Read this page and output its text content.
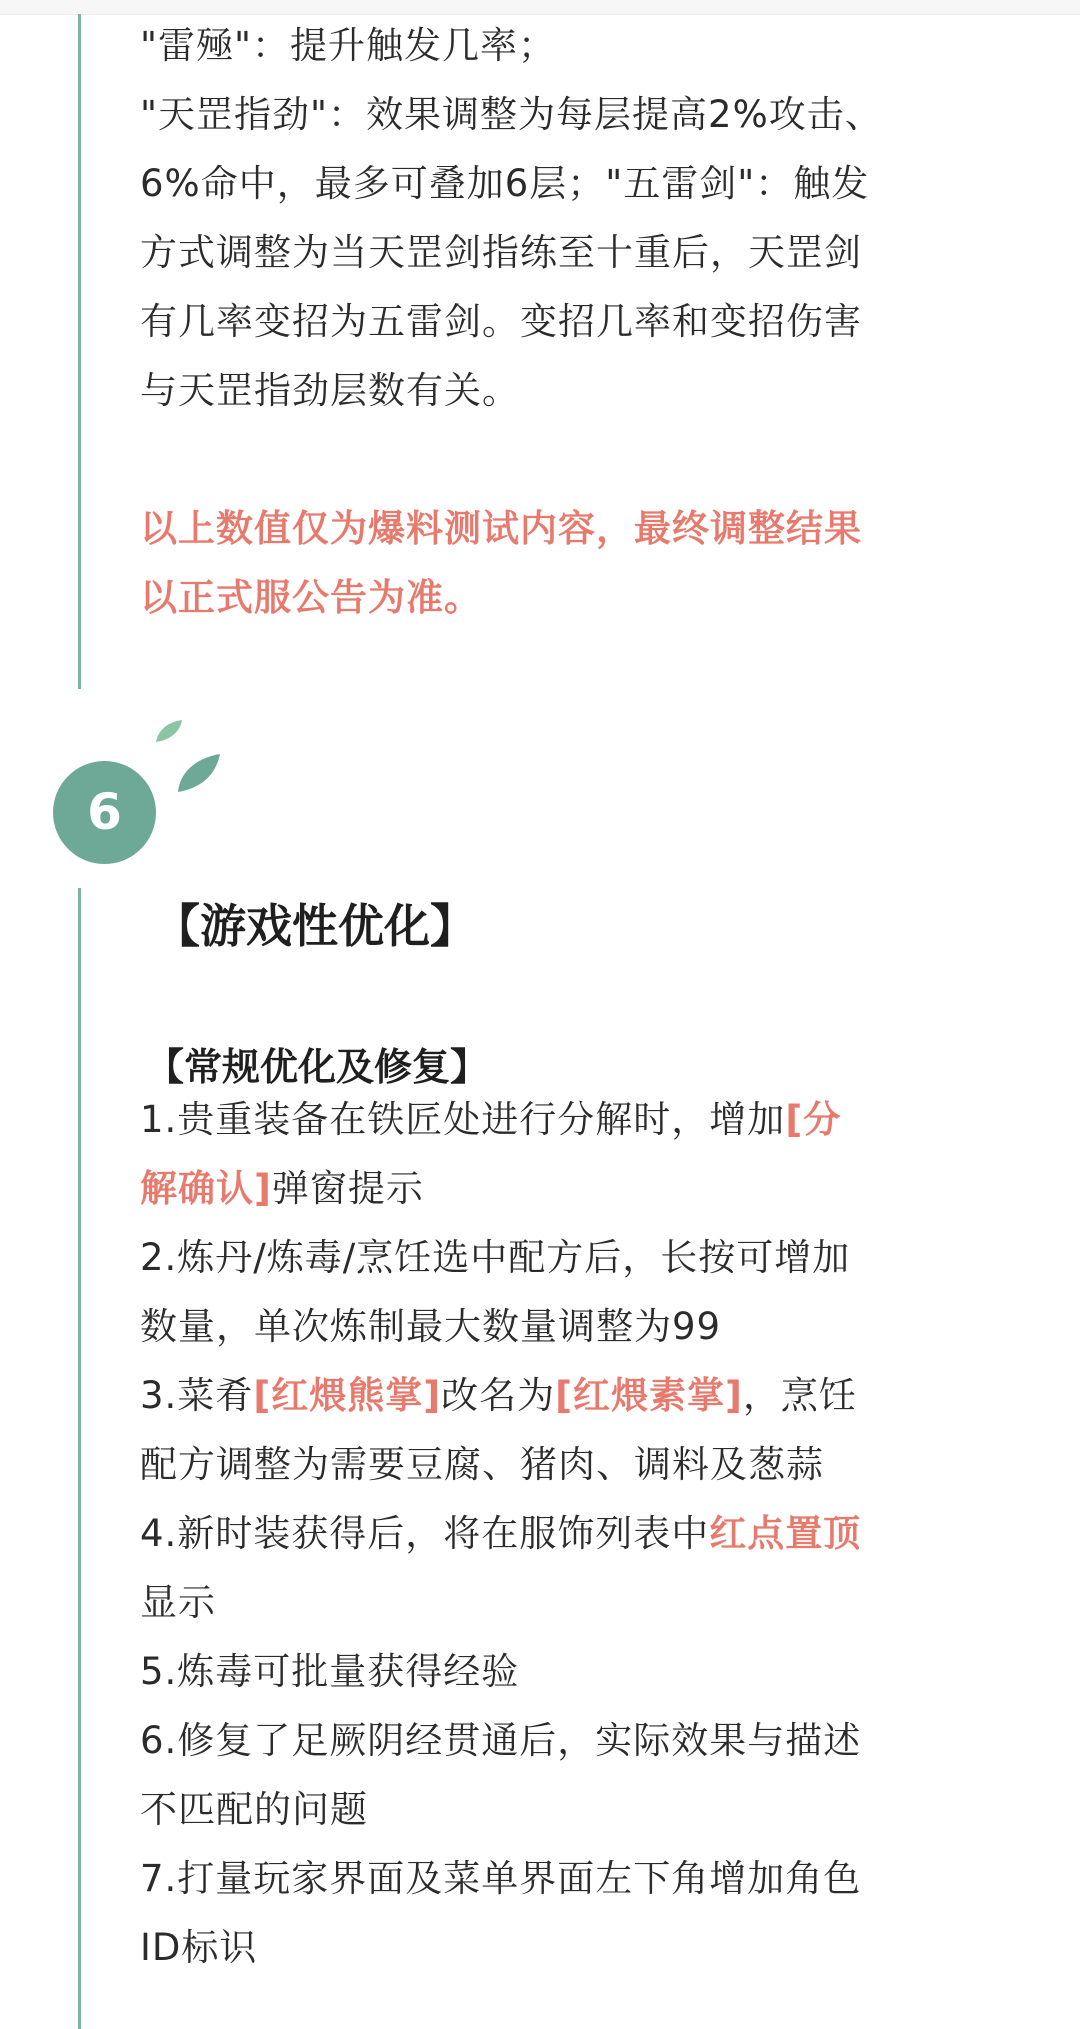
"雷殛"：提升触发几率；
"天罡指劲"：效果调整为每层提高2%攻击、
6%命中，最多可叠加6层；"五雷剑"：触发
方式调整为当天罡剑指练至十重后，天罡剑
有几率变招为五雷剑。变招几率和变招伤害
与天罡指劲层数有关。
以上数值仅为爆料测试内容，最终调整结果
以正式服公告为准。
6
【游戏性优化】
【常规优化及修复】
1.贵重装备在铁匠处进行分解时，增加[分
解确认]弹窗提示
2.炼丹/炼毒/烹饪选中配方后，长按可增加
数量，单次炼制最大数量调整为99
3.菜肴[红煨熊掌]改名为[红煨素掌]，烹饪
配方调整为需要豆腐、猪肉、调料及葱蒜
4.新时装获得后，将在服饰列表中红点置顶
显示
5.炼毒可批量获得经验
6.修复了足厥阴经贯通后，实际效果与描述
不匹配的问题
7.打量玩家界面及菜单界面左下角增加角色
ID标识
